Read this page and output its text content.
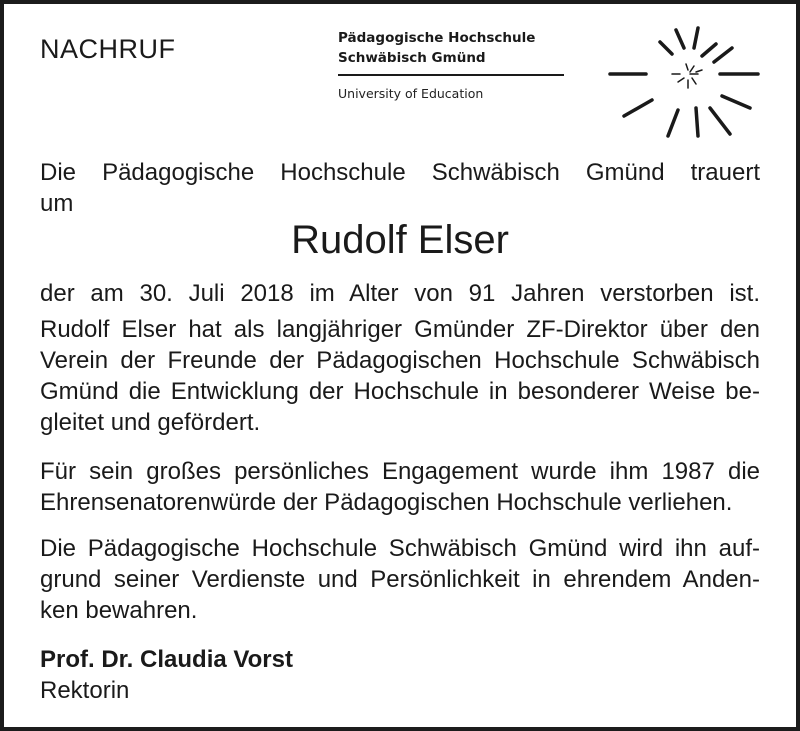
NACHRUF	Pädagogische Hochschule
Schwäbisch Gmünd
University of Education
Die Pädagogische Hochschule Schwäbisch Gmünd trauert
um
Rudolf Elser
der am 30. Juli 2018 im Alter von 91 Jahren verstorben ist.
Rudolf Elser hat als langjähriger Gmünder ZF-Direktor über den
Verein der Freunde der Pädagogischen Hochschule Schwäbisch
Gmünd die Entwicklung der Hochschule in besonderer Weise be-
gleitet und gefördert.
Für sein großes persönliches Engagement wurde ihm 1987 die
Ehrensenatorenwürde der Pädagogischen Hochschule verliehen.
Die Pädagogische Hochschule Schwäbisch Gmünd wird ihn auf-
grund seiner Verdienste und Persönlichkeit in ehrendem Anden-
ken bewahren.
Prof. Dr. Claudia Vorst
Rektorin
